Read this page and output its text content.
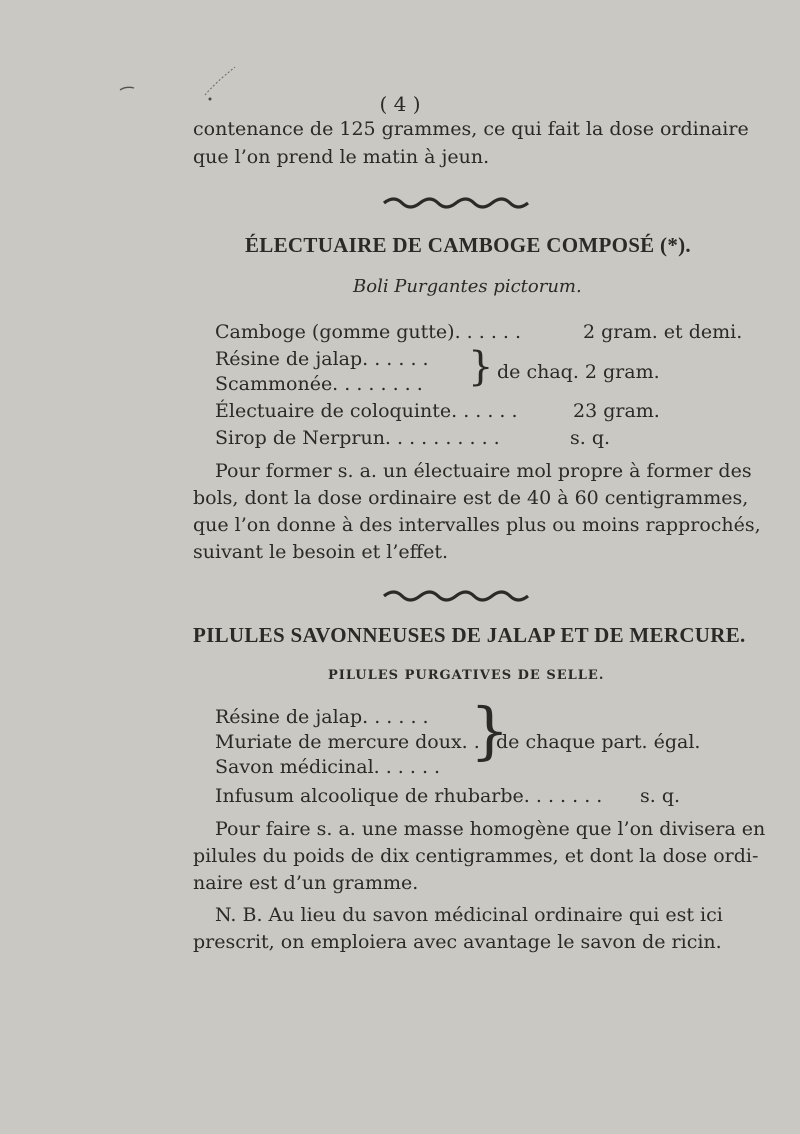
( 4 )
contenance de 125 grammes, ce qui fait la dose ordinaire
que l’on prend le matin à jeun.
ÉLECTUAIRE DE CAMBOGE COMPOSÉ (*).
Boli Purgantes pictorum.
Camboge (gomme gutte). . . . . .	2 gram. et demi.
Résine de jalap. . . . . .
Scammonée. . . . . . . . } de chaq. 2 gram.
Électuaire de coloquinte. . . . . .	23 gram.
Sirop de Nerprun. . . . . . . . . .	s. q.
Pour former s. a. un électuaire mol propre à former des
bols, dont la dose ordinaire est de 40 à 60 centigrammes,
que l’on donne à des intervalles plus ou moins rapprochés,
suivant le besoin et l’effet.
PILULES SAVONNEUSES DE JALAP ET DE MERCURE.
PILULES PURGATIVES DE SELLE.
Résine de jalap. . . . . .
Muriate de mercure doux. .
Savon médicinal. . . . . . }
de chaque part. égal.
Infusum alcoolique de rhubarbe. . . . . . . s. q.
Pour faire s. a. une masse homogène que l’on divisera en
pilules du poids de dix centigrammes, et dont la dose ordi-
naire est d’un gramme.
N. B. Au lieu du savon médicinal ordinaire qui est ici
prescrit, on emploiera avec avantage le savon de ricin.
